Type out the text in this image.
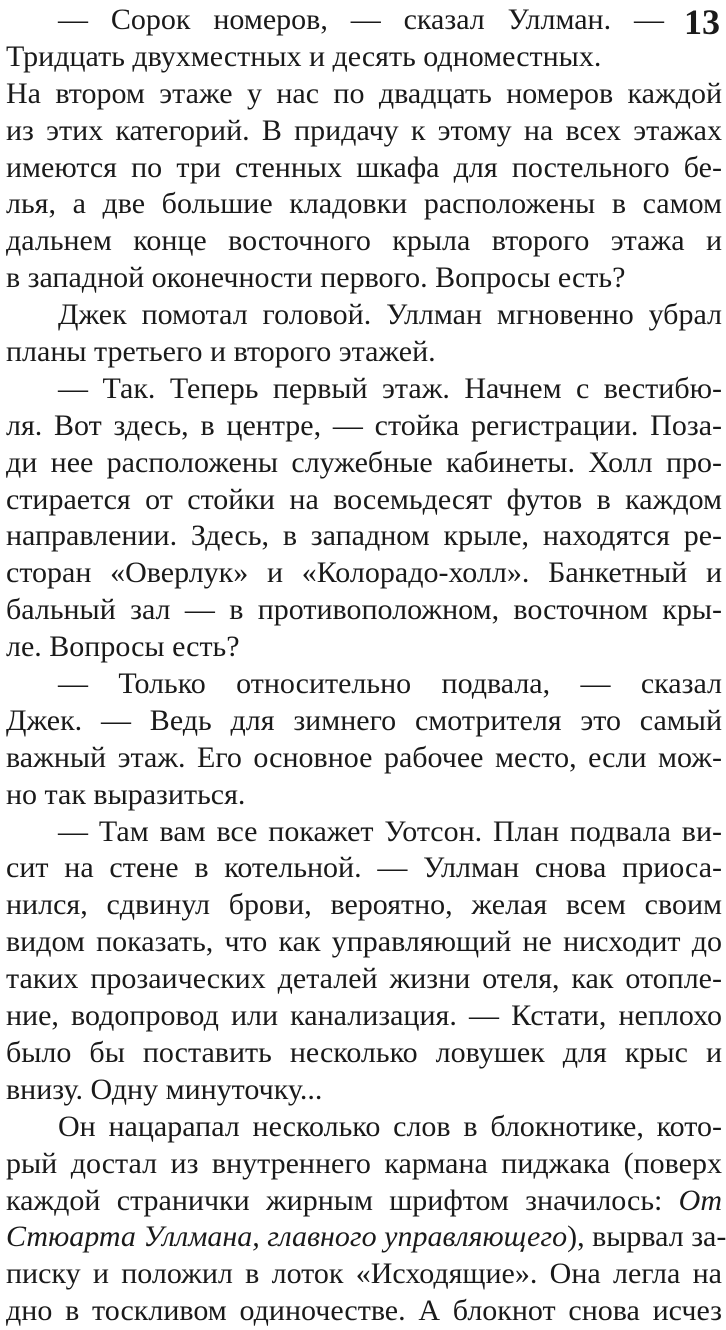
13
— Сорок номеров, — сказал Уллман. —
Тридцать двухместных и десять одноместных.
На втором этаже у нас по двадцать номеров каждой
из этих категорий. В придачу к этому на всех этажах
имеются по три стенных шкафа для постельного бе-
лья, а две большие кладовки расположены в самом
дальнем конце восточного крыла второго этажа и
в западной оконечности первого. Вопросы есть?
Джек помотал головой. Уллман мгновенно убрал
планы третьего и второго этажей.
— Так. Теперь первый этаж. Начнем с вестибю-
ля. Вот здесь, в центре, — стойка регистрации. Поза-
ди нее расположены служебные кабинеты. Холл про-
стирается от стойки на восемьдесят футов в каждом
направлении. Здесь, в западном крыле, находятся ре-
сторан «Оверлук» и «Колорадо-холл». Банкетный и
бальный зал — в противоположном, восточном кры-
ле. Вопросы есть?
— Только относительно подвала, — сказал
Джек. — Ведь для зимнего смотрителя это самый
важный этаж. Его основное рабочее место, если мож-
но так выразиться.
— Там вам все покажет Уотсон. План подвала ви-
сит на стене в котельной. — Уллман снова приоса-
нился, сдвинул брови, вероятно, желая всем своим
видом показать, что как управляющий не нисходит до
таких прозаических деталей жизни отеля, как отопле-
ние, водопровод или канализация. — Кстати, неплохо
было бы поставить несколько ловушек для крыс и
внизу. Одну минуточку...
Он нацарапал несколько слов в блокнотике, кото-
рый достал из внутреннего кармана пиджака (поверх
каждой странички жирным шрифтом значилось: От
Стюарта Уллмана, главного управляющего), вырвал за-
писку и положил в лоток «Исходящие». Она легла на
дно в тоскливом одиночестве. А блокнот снова исчез
